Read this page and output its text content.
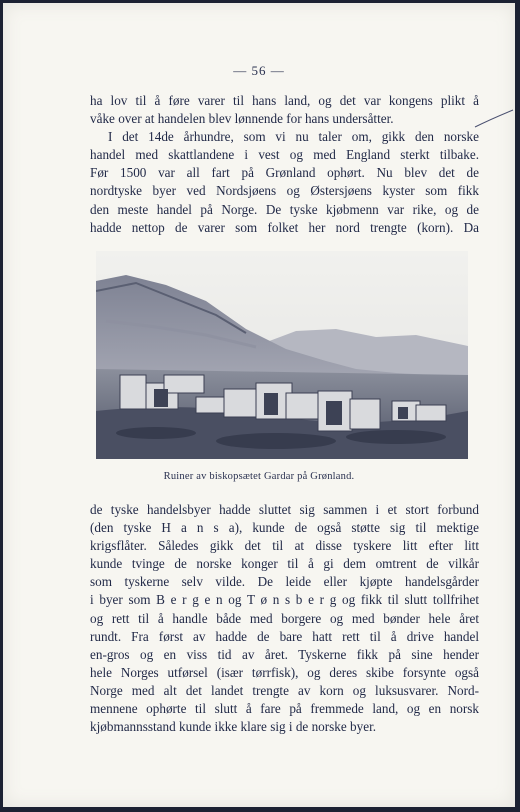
— 56 —
ha lov til å føre varer til hans land, og det var kongens plikt å
våke over at handelen blev lønnende for hans undersåtter.
I det 14de århundre, som vi nu taler om, gikk den norske
handel med skattlandene i vest og med England sterkt tilbake.
Før 1500 var all fart på Grønland ophørt. Nu blev det de
nordtyske byer ved Nordsjøens og Østersjøens kyster som fikk
den meste handel på Norge. De tyske kjøbmenn var rike, og de
hadde nettop de varer som folket her nord trengte (korn). Da
Ruiner av biskopsætet Gardar på Grønland.
de tyske handelsbyer hadde sluttet sig sammen i et stort forbund
(den tyske H a n s a), kunde de også støtte sig til mektige
krigsflåter. Således gikk det til at disse tyskere litt efter litt
kunde tvinge de norske konger til å gi dem omtrent de vilkår
som tyskerne selv vilde. De leide eller kjøpte handelsgårder
i byer som B e r g e n og T ø n s b e r g og fikk til slutt tollfrihet
og rett til å handle både med borgere og med bønder hele året
rundt. Fra først av hadde de bare hatt rett til å drive handel
en-gros og en viss tid av året. Tyskerne fikk på sine hender
hele Norges utførsel (især tørrfisk), og deres skibe forsynte også
Norge med alt det landet trengte av korn og luksusvarer. Nord-
mennene ophørte til slutt å fare på fremmede land, og en norsk
kjøbmannsstand kunde ikke klare sig i de norske byer.
